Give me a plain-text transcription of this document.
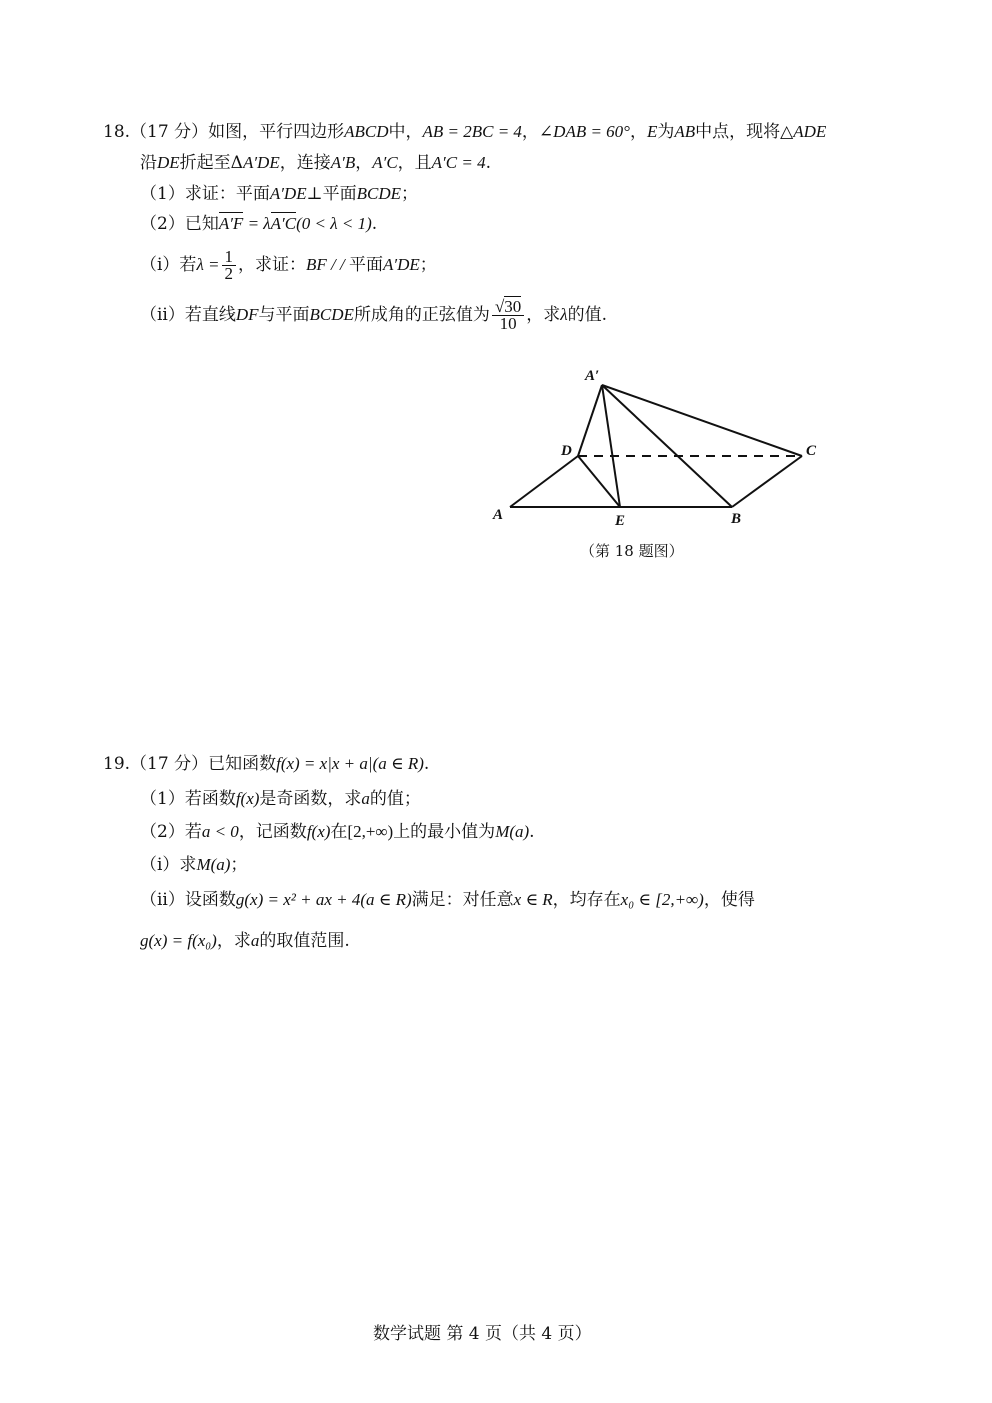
18.（17 分）如图，平行四边形ABCD中，AB = 2BC = 4，∠DAB = 60°，E为AB中点，现将△ADE
沿DE折起至ΔA′DE，连接A′B，A′C，且A′C = 4.
（1）求证：平面A′DE⊥平面BCDE；
（2）已知A′F = λA′C(0 < λ < 1).
（i）若$\lambda = \frac{1}{2}$ ，求证：BF / / 平面A′DE；
（ii）若直线DF与平面BCDE所成角的正弦值为 $\frac{√30}{10}$ ，求λ的值.
A′
D	C
A	E	B
（第 18 题图）
19.（17 分）已知函数f(x) = x|x + a|(a ∈ R).
（1）若函数f(x)是奇函数，求a的值；
（2）若a < 0，记函数f(x)在[2,+∞)上的最小值为M(a).
（i）求M(a)；
（ii）设函数g(x) = x² + ax + 4(a ∈ R)满足：对任意x ∈ R，均存在x₀ ∈ [2,+∞)，使得
g(x) = f(x₀)，求a的取值范围.
数学试题 第 4 页（共 4 页）
